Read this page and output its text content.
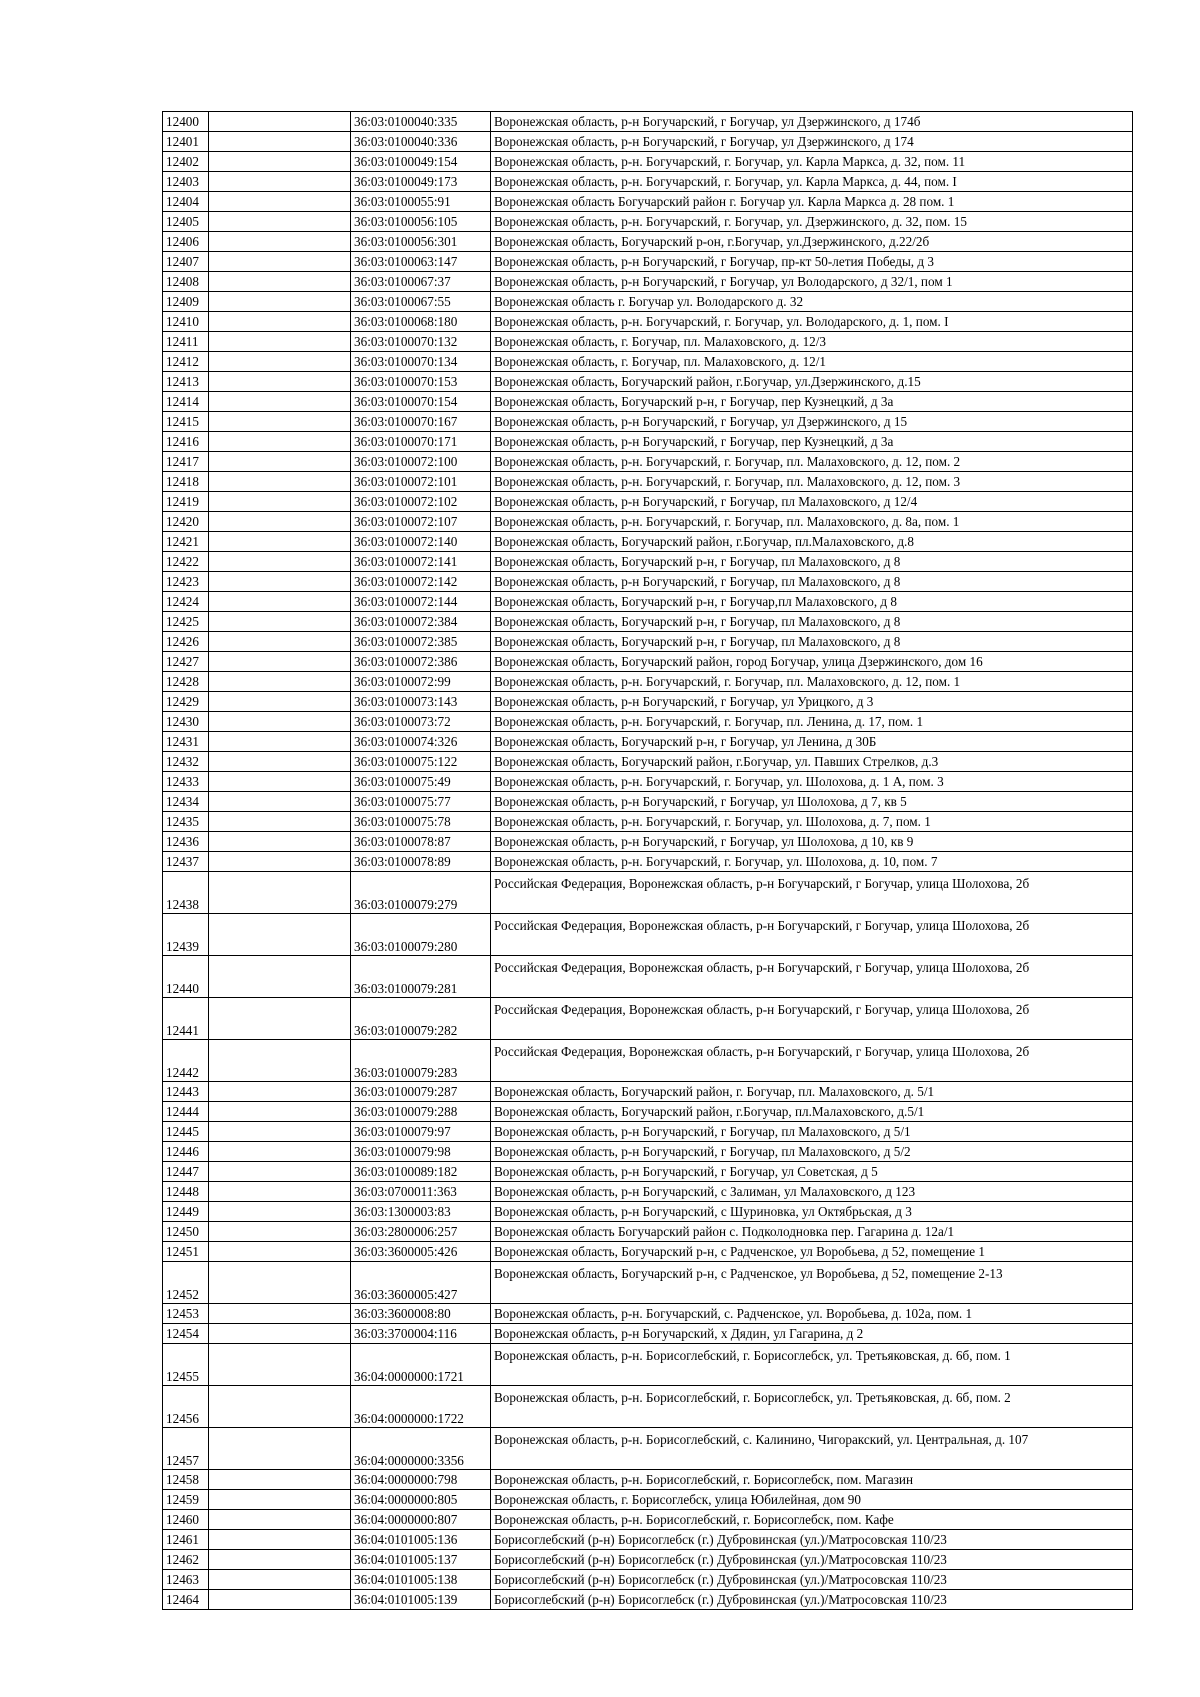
12400		36:03:0100040:335	Воронежская область, р-н Богучарский, г Богучар, ул Дзержинского, д 174б
12401		36:03:0100040:336	Воронежская область, р-н Богучарский, г Богучар, ул Дзержинского, д 174
12402		36:03:0100049:154	Воронежская область, р-н. Богучарский, г. Богучар, ул. Карла Маркса, д. 32, пом. 11
12403		36:03:0100049:173	Воронежская область, р-н. Богучарский, г. Богучар, ул. Карла Маркса, д. 44, пом. I
12404		36:03:0100055:91	Воронежская область Богучарский район г. Богучар ул. Карла Маркса д. 28 пом. 1
12405		36:03:0100056:105	Воронежская область, р-н. Богучарский, г. Богучар, ул. Дзержинского, д. 32, пом. 15
12406		36:03:0100056:301	Воронежская область, Богучарский р-он, г.Богучар, ул.Дзержинского, д.22/2б
12407		36:03:0100063:147	Воронежская область, р-н Богучарский, г Богучар, пр-кт 50-летия Победы, д 3
12408		36:03:0100067:37	Воронежская область, р-н Богучарский, г Богучар, ул Володарского, д 32/1, пом 1
12409		36:03:0100067:55	Воронежская область г. Богучар ул. Володарского д. 32
12410		36:03:0100068:180	Воронежская область, р-н. Богучарский, г. Богучар, ул. Володарского, д. 1, пом. I
12411		36:03:0100070:132	Воронежская область, г. Богучар, пл. Малаховского, д. 12/3
12412		36:03:0100070:134	Воронежская область, г. Богучар, пл. Малаховского, д. 12/1
12413		36:03:0100070:153	Воронежская область, Богучарский район, г.Богучар, ул.Дзержинского, д.15
12414		36:03:0100070:154	Воронежская область, Богучарский р-н, г Богучар, пер Кузнецкий, д 3а
12415		36:03:0100070:167	Воронежская область, р-н Богучарский, г Богучар, ул Дзержинского, д 15
12416		36:03:0100070:171	Воронежская область, р-н Богучарский, г Богучар, пер Кузнецкий, д 3а
12417		36:03:0100072:100	Воронежская область, р-н. Богучарский, г. Богучар, пл. Малаховского, д. 12, пом. 2
12418		36:03:0100072:101	Воронежская область, р-н. Богучарский, г. Богучар, пл. Малаховского, д. 12, пом. 3
12419		36:03:0100072:102	Воронежская область, р-н Богучарский, г Богучар, пл Малаховского, д 12/4
12420		36:03:0100072:107	Воронежская область, р-н. Богучарский, г. Богучар, пл. Малаховского, д. 8а, пом. 1
12421		36:03:0100072:140	Воронежская область, Богучарский район, г.Богучар, пл.Малаховского, д.8
12422		36:03:0100072:141	Воронежская область, Богучарский р-н, г Богучар, пл Малаховского, д 8
12423		36:03:0100072:142	Воронежская область, р-н Богучарский, г Богучар, пл Малаховского, д 8
12424		36:03:0100072:144	Воронежская область, Богучарский р-н, г Богучар,пл Малаховского, д 8
12425		36:03:0100072:384	Воронежская область, Богучарский р-н, г Богучар, пл Малаховского, д 8
12426		36:03:0100072:385	Воронежская область, Богучарский р-н, г Богучар, пл Малаховского, д 8
12427		36:03:0100072:386	Воронежская область, Богучарский район, город Богучар, улица Дзержинского, дом 16
12428		36:03:0100072:99	Воронежская область, р-н. Богучарский, г. Богучар, пл. Малаховского, д. 12, пом. 1
12429		36:03:0100073:143	Воронежская область, р-н Богучарский, г Богучар, ул Урицкого, д 3
12430		36:03:0100073:72	Воронежская область, р-н. Богучарский, г. Богучар, пл. Ленина, д. 17, пом. 1
12431		36:03:0100074:326	Воронежская область, Богучарский р-н, г Богучар, ул Ленина, д 30Б
12432		36:03:0100075:122	Воронежская область, Богучарский район, г.Богучар, ул. Павших Стрелков, д.3
12433		36:03:0100075:49	Воронежская область, р-н. Богучарский, г. Богучар, ул. Шолохова, д. 1 А, пом. 3
12434		36:03:0100075:77	Воронежская область, р-н Богучарский, г Богучар, ул Шолохова, д 7, кв 5
12435		36:03:0100075:78	Воронежская область, р-н. Богучарский, г. Богучар, ул. Шолохова, д. 7, пом. 1
12436		36:03:0100078:87	Воронежская область, р-н Богучарский, г Богучар, ул Шолохова, д 10, кв 9
12437		36:03:0100078:89	Воронежская область, р-н. Богучарский, г. Богучар, ул. Шолохова, д. 10, пом. 7
12438		36:03:0100079:279	Российская Федерация, Воронежская область, р-н Богучарский, г Богучар, улица Шолохова, 2б
12439		36:03:0100079:280	Российская Федерация, Воронежская область, р-н Богучарский, г Богучар, улица Шолохова, 2б
12440		36:03:0100079:281	Российская Федерация, Воронежская область, р-н Богучарский, г Богучар, улица Шолохова, 2б
12441		36:03:0100079:282	Российская Федерация, Воронежская область, р-н Богучарский, г Богучар, улица Шолохова, 2б
12442		36:03:0100079:283	Российская Федерация, Воронежская область, р-н Богучарский, г Богучар, улица Шолохова, 2б
12443		36:03:0100079:287	Воронежская область, Богучарский район, г. Богучар, пл. Малаховского, д. 5/1
12444		36:03:0100079:288	Воронежская область, Богучарский район, г.Богучар, пл.Малаховского, д.5/1
12445		36:03:0100079:97	Воронежская область, р-н Богучарский, г Богучар, пл Малаховского, д 5/1
12446		36:03:0100079:98	Воронежская область, р-н Богучарский, г Богучар, пл Малаховского, д 5/2
12447		36:03:0100089:182	Воронежская область, р-н Богучарский, г Богучар, ул Советская, д 5
12448		36:03:0700011:363	Воронежская область, р-н Богучарский, с Залиман, ул Малаховского, д 123
12449		36:03:1300003:83	Воронежская область, р-н Богучарский, с Шуриновка, ул Октябрьская, д 3
12450		36:03:2800006:257	Воронежская область Богучарский район с. Подколодновка пер. Гагарина д. 12а/1
12451		36:03:3600005:426	Воронежская область, Богучарский р-н, с Радченское, ул Воробьева, д 52, помещение 1
12452		36:03:3600005:427	Воронежская область, Богучарский р-н, с Радченское, ул Воробьева, д 52, помещение 2-13
12453		36:03:3600008:80	Воронежская область, р-н. Богучарский, с. Радченское, ул. Воробьева, д. 102а, пом. 1
12454		36:03:3700004:116	Воронежская область, р-н Богучарский, х Дядин, ул Гагарина, д 2
12455		36:04:0000000:1721	Воронежская область, р-н. Борисоглебский, г. Борисоглебск, ул. Третьяковская, д. 6б, пом. 1
12456		36:04:0000000:1722	Воронежская область, р-н. Борисоглебский, г. Борисоглебск, ул. Третьяковская, д. 6б, пом. 2
12457		36:04:0000000:3356	Воронежская область, р-н. Борисоглебский, с. Калинино, Чигоракский, ул. Центральная, д. 107
12458		36:04:0000000:798	Воронежская область, р-н. Борисоглебский, г. Борисоглебск, пом. Магазин
12459		36:04:0000000:805	Воронежская область, г. Борисоглебск, улица Юбилейная, дом 90
12460		36:04:0000000:807	Воронежская область, р-н. Борисоглебский, г. Борисоглебск, пом. Кафе
12461		36:04:0101005:136	Борисоглебский (р-н) Борисоглебск (г.) Дубровинская (ул.)/Матросовская 110/23
12462		36:04:0101005:137	Борисоглебский (р-н) Борисоглебск (г.) Дубровинская (ул.)/Матросовская 110/23
12463		36:04:0101005:138	Борисоглебский (р-н) Борисоглебск (г.) Дубровинская (ул.)/Матросовская 110/23
12464		36:04:0101005:139	Борисоглебский (р-н) Борисоглебск (г.) Дубровинская (ул.)/Матросовская 110/23
